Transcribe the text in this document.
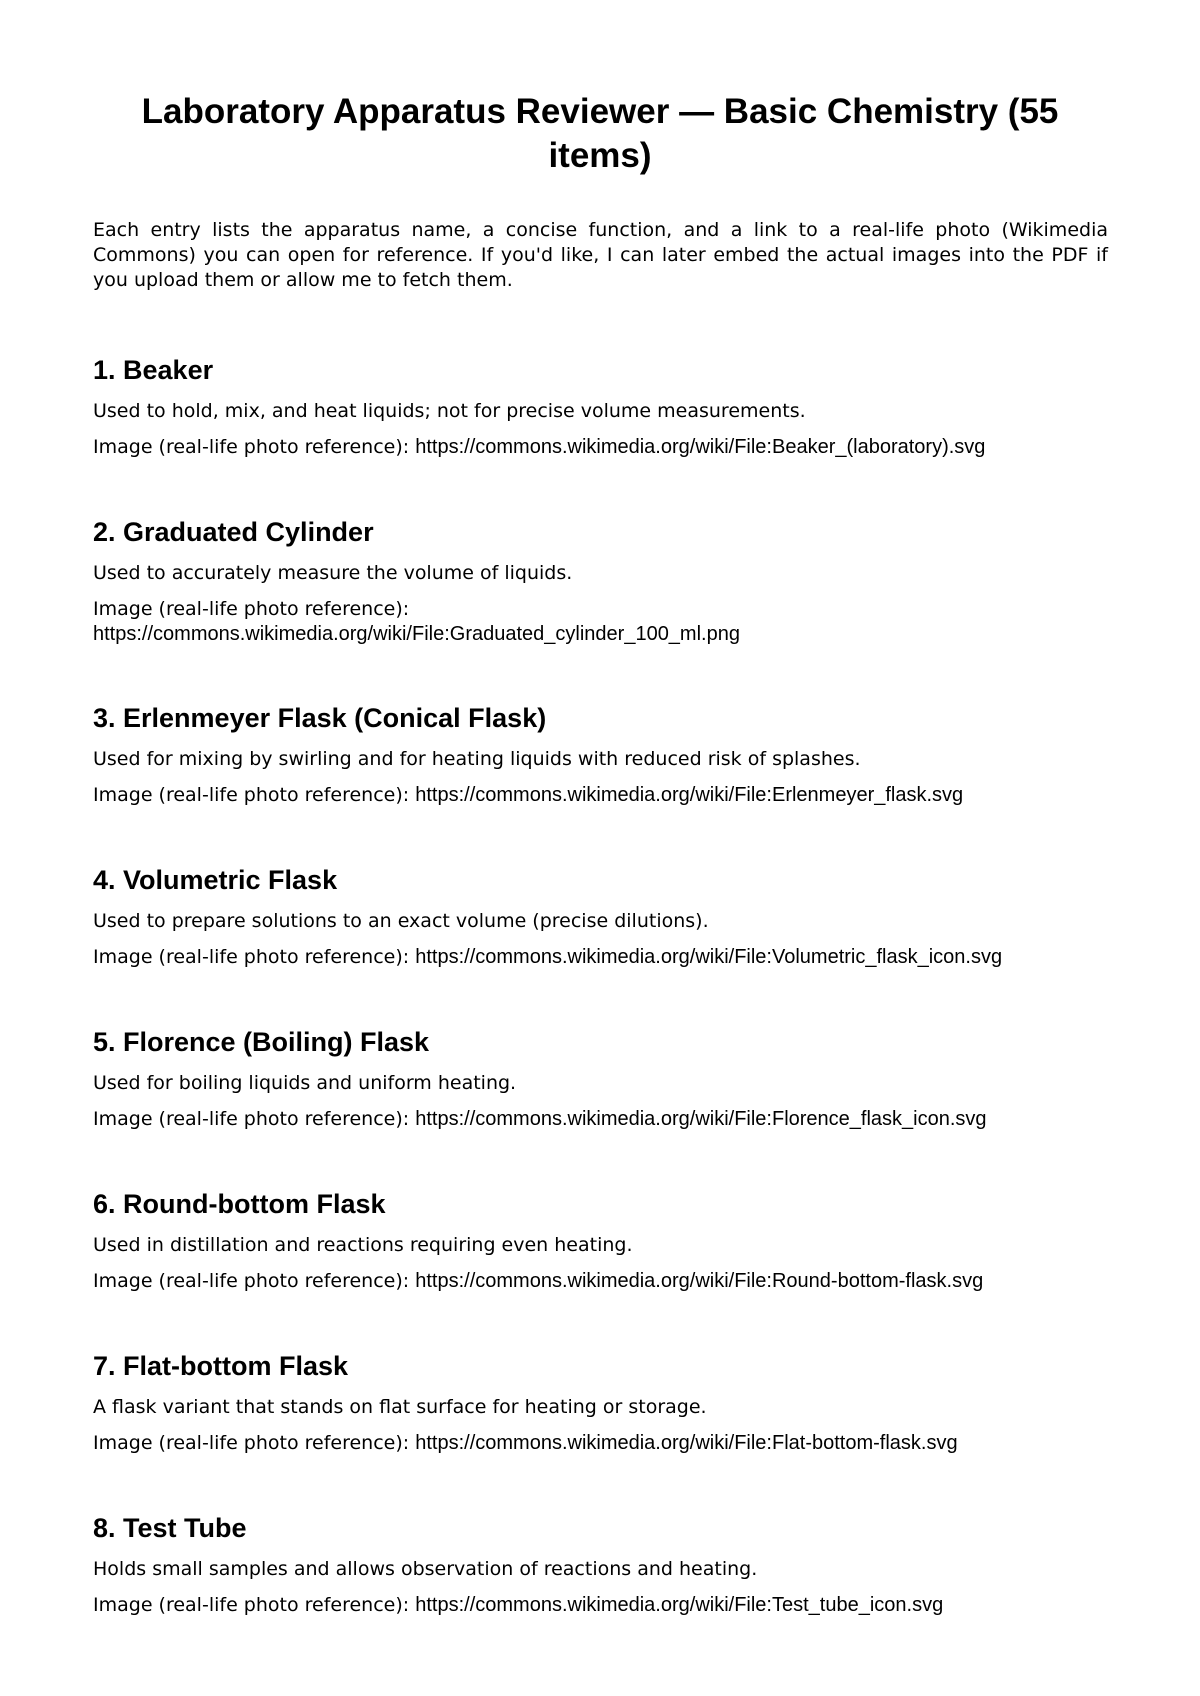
Laboratory Apparatus Reviewer — Basic Chemistry (55 items)

Each entry lists the apparatus name, a concise function, and a link to a real-life photo (Wikimedia Commons) you can open for reference. If you'd like, I can later embed the actual images into the PDF if you upload them or allow me to fetch them.

1. Beaker

Used to hold, mix, and heat liquids; not for precise volume measurements.

Image (real-life photo reference): https://commons.wikimedia.org/wiki/File:Beaker_(laboratory).svg

2. Graduated Cylinder

Used to accurately measure the volume of liquids.

Image (real-life photo reference):
https://commons.wikimedia.org/wiki/File:Graduated_cylinder_100_ml.png

3. Erlenmeyer Flask (Conical Flask)

Used for mixing by swirling and for heating liquids with reduced risk of splashes.

Image (real-life photo reference): https://commons.wikimedia.org/wiki/File:Erlenmeyer_flask.svg

4. Volumetric Flask

Used to prepare solutions to an exact volume (precise dilutions).

Image (real-life photo reference): https://commons.wikimedia.org/wiki/File:Volumetric_flask_icon.svg

5. Florence (Boiling) Flask

Used for boiling liquids and uniform heating.

Image (real-life photo reference): https://commons.wikimedia.org/wiki/File:Florence_flask_icon.svg

6. Round-bottom Flask

Used in distillation and reactions requiring even heating.

Image (real-life photo reference): https://commons.wikimedia.org/wiki/File:Round-bottom-flask.svg

7. Flat-bottom Flask

A flask variant that stands on flat surface for heating or storage.

Image (real-life photo reference): https://commons.wikimedia.org/wiki/File:Flat-bottom-flask.svg

8. Test Tube

Holds small samples and allows observation of reactions and heating.

Image (real-life photo reference): https://commons.wikimedia.org/wiki/File:Test_tube_icon.svg
